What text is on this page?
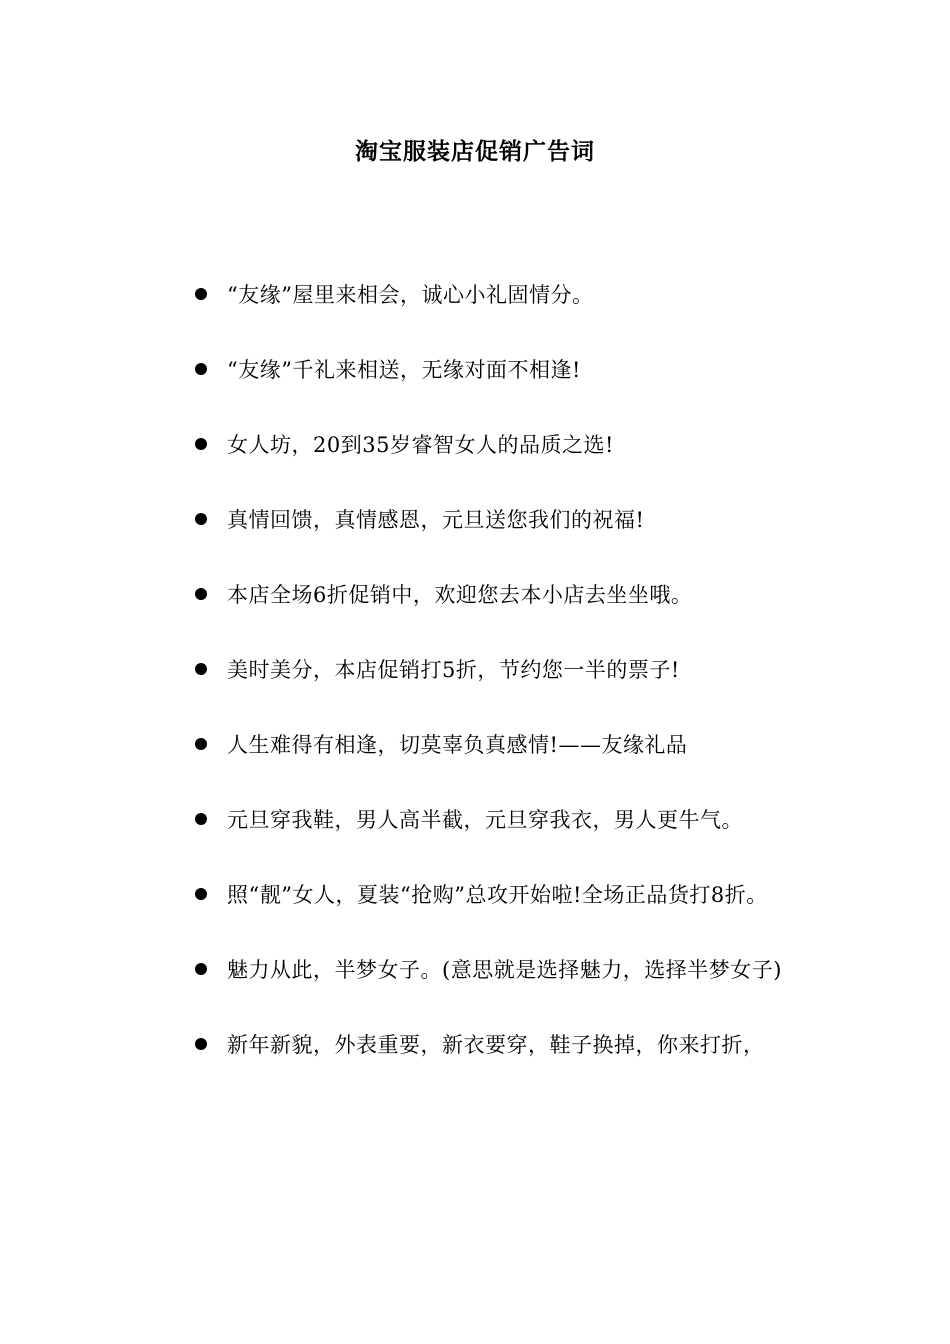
淘宝服装店促销广告词

“友缘”屋里来相会，诚心小礼固情分。

“友缘”千礼来相送，无缘对面不相逢!

女人坊，20到35岁睿智女人的品质之选!

真情回馈，真情感恩，元旦送您我们的祝福!

本店全场6折促销中，欢迎您去本小店去坐坐哦。

美时美分，本店促销打5折，节约您一半的票子!

人生难得有相逢，切莫辜负真感情!——友缘礼品

元旦穿我鞋，男人高半截，元旦穿我衣，男人更牛气。

照“靓”女人，夏装“抢购”总攻开始啦!全场正品货打8折。

魅力从此，半梦女子。(意思就是选择魅力，选择半梦女子)

新年新貌，外表重要，新衣要穿，鞋子换掉，你来打折，
